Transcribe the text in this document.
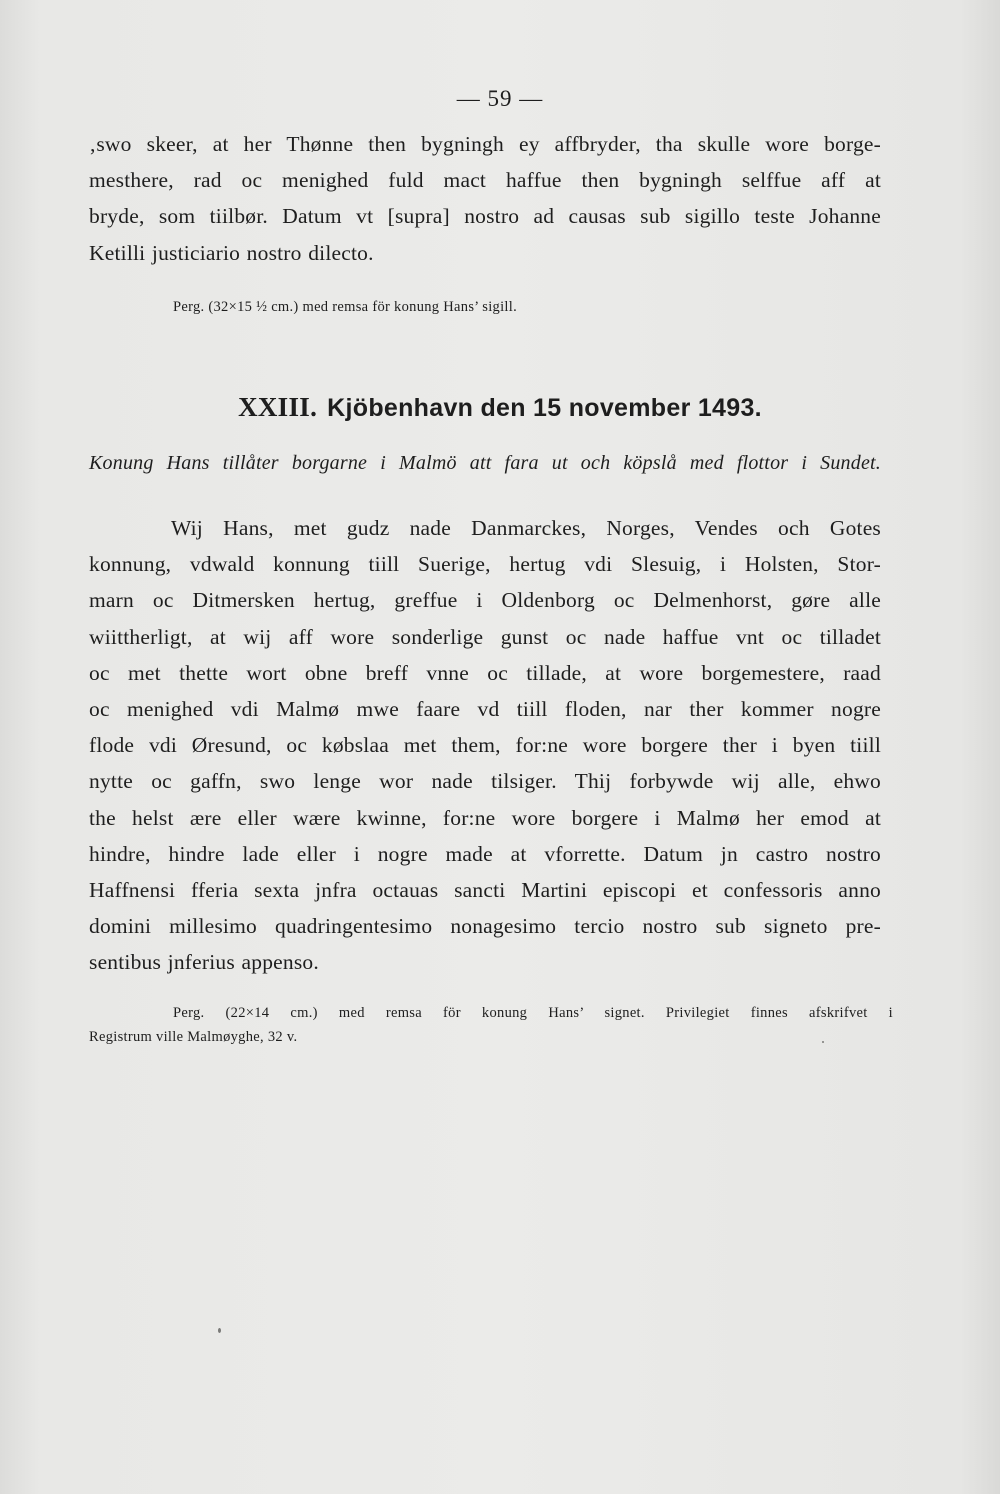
— 59 —
‚swo skeer, at her Thønne then bygningh ey affbryder, tha skulle wore borge-
mesthere, rad oc menighed fuld mact haffue then bygningh selffue aff at
bryde, som tiilbør. Datum vt [supra] nostro ad causas sub sigillo teste Johanne
Ketilli justiciario nostro dilecto.
Perg. (32×15 ½ cm.) med remsa för konung Hans’ sigill.
XXIII. Kjöbenhavn den 15 november 1493.
Konung Hans tillåter borgarne i Malmö att fara ut och köpslå med flottor i Sundet.
Wij Hans, met gudz nade Danmarckes, Norges, Vendes och Gotes
konnung, vdwald konnung tiill Suerige, hertug vdi Slesuig, i Holsten, Stor-
marn oc Ditmersken hertug, greffue i Oldenborg oc Delmenhorst, gøre alle
wiittherligt, at wij aff wore sonderlige gunst oc nade haffue vnt oc tilladet
oc met thette wort obne breff vnne oc tillade, at wore borgemestere, raad
oc menighed vdi Malmø mwe faare vd tiill floden, nar ther kommer nogre
flode vdi Øresund, oc købslaa met them, for:ne wore borgere ther i byen tiill
nytte oc gaffn, swo lenge wor nade tilsiger. Thij forbywde wij alle, ehwo
the helst ære eller wære kwinne, for:ne wore borgere i Malmø her emod at
hindre, hindre lade eller i nogre made at vforrette. Datum jn castro nostro
Haffnensi fferia sexta jnfra octauas sancti Martini episcopi et confessoris anno
domini millesimo quadringentesimo nonagesimo tercio nostro sub signeto pre-
sentibus jnferius appenso.
Perg. (22×14 cm.) med remsa för konung Hans’ signet. Privilegiet finnes afskrifvet i
Registrum ville Malmøyghe, 32 v.
